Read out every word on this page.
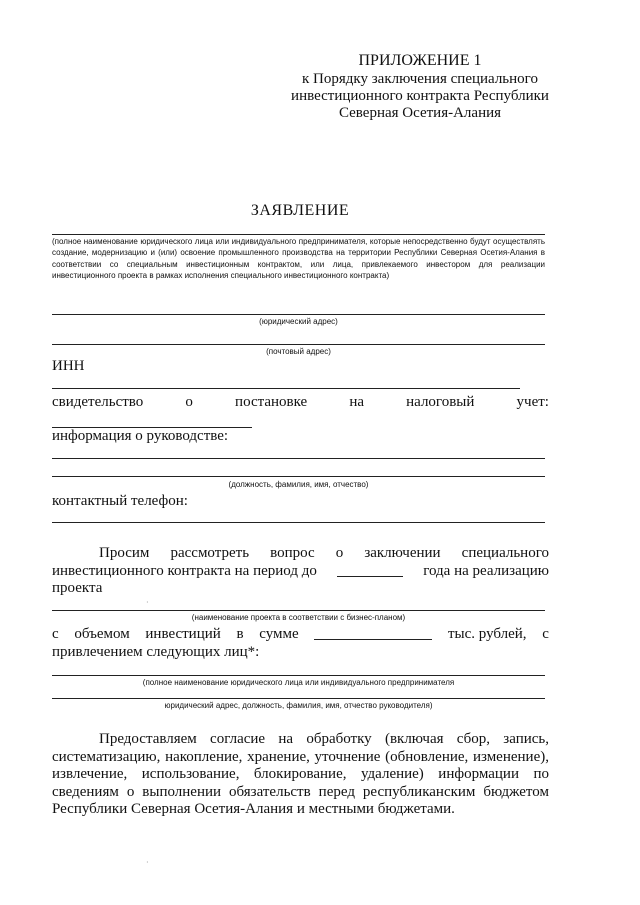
ПРИЛОЖЕНИЕ 1
к Порядку заключения специального
инвестиционного контракта Республики
Северная Осетия-Алания
ЗАЯВЛЕНИЕ
(полное наименование юридического лица или индивидуального предпринимателя, которые непосредственно будут осуществлять создание, модернизацию и (или) освоение промышленного производства на территории Республики Северная Осетия-Алания в соответствии со специальным инвестиционным контрактом, или лица, привлекаемого инвестором для реализации инвестиционного проекта в рамках исполнения специального инвестиционного контракта)
(юридический адрес)
(почтовый адрес)
ИНН
свидетельство	о	постановке	на	налоговый	учет:
информация о руководстве:
(должность, фамилия, имя, отчество)
контактный телефон:
Просим рассмотреть вопрос о заключении специального
инвестиционного контракта на период до	года на реализацию
проекта
(наименование проекта в соответствии с бизнес-планом)
с объемом инвестиций в сумме	тыс. рублей, с
привлечением следующих лиц*:
(полное наименование юридического лица или индивидуального предпринимателя
юридический адрес, должность, фамилия, имя, отчество руководителя)
Предоставляем согласие на обработку (включая сбор, запись, систематизацию, накопление, хранение, уточнение (обновление, изменение), извлечение, использование, блокирование, удаление) информации по сведениям о выполнении обязательств перед республиканским бюджетом Республики Северная Осетия-Алания и местными бюджетами.
·
·
